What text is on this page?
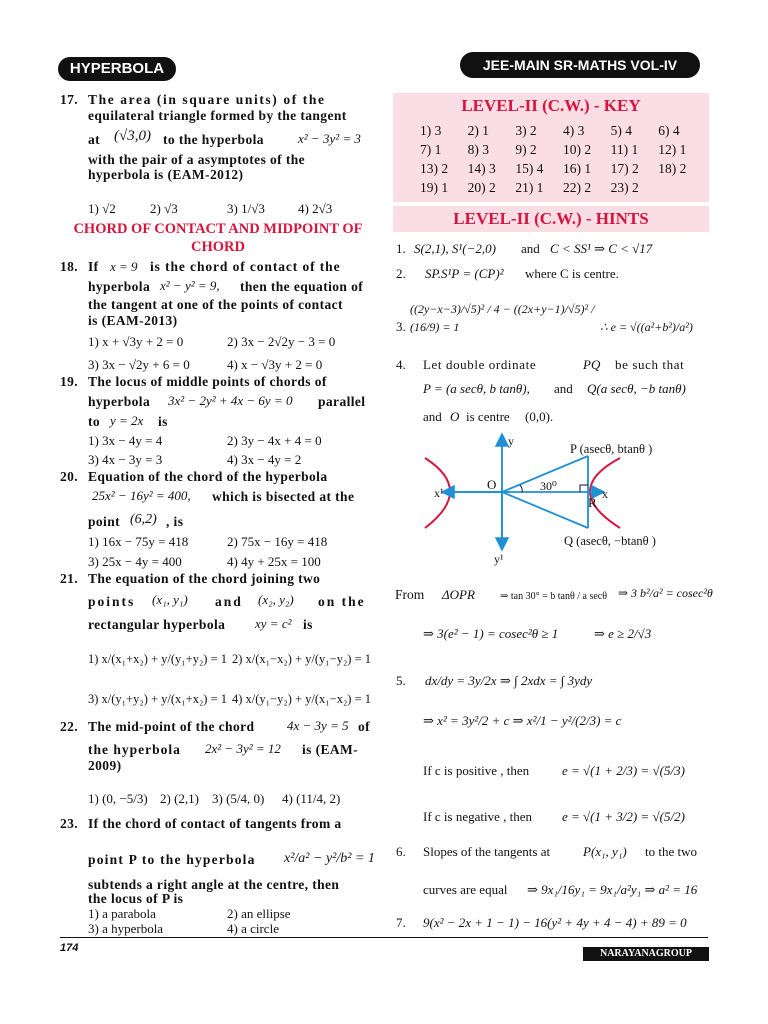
HYPERBOLA	JEE-MAIN SR-MATHS VOL-IV
17. The area (in square units) of the
equilateral triangle formed by the tangent
at (√3,0) to the hyperbola	x² − 3y² = 3
with the pair of a asymptotes of the
hyperbola is (EAM-2012)
1) √2	2) √3	3) 1/√3	4) 2√3
CHORD OF CONTACT AND MIDPOINT OF CHORD
18. If x = 9 is the chord of contact of the
hyperbola x² − y² = 9, then the equation of
the tangent at one of the points of contact
is (EAM-2013)
1) x + √3y + 2 = 0	2) 3x − 2√2y − 3 = 0
3) 3x − √2y + 6 = 0	4) x − √3y + 2 = 0
19. The locus of middle points of chords of
hyperbola 3x² − 2y² + 4x − 6y = 0 parallel
to y = 2x is
1) 3x − 4y = 4	2) 3y − 4x + 4 = 0
3) 4x − 3y = 3	4) 3x − 4y = 2
20. Equation of the chord of the hyperbola
25x² − 16y² = 400, which is bisected at the
point (6,2) , is
1) 16x − 75y = 418	2) 75x − 16y = 418
3) 25x − 4y = 400	4) 4y + 25x = 100
21. The equation of the chord joining two
points (x₁, y₁) and (x₂, y₂) on the
rectangular hyperbola xy = c² is
1) x/(x₁+x₂) + y/(y₁+y₂) = 1 2) x/(x₁−x₂) + y/(y₁−y₂) = 1
3) x/(y₁+y₂) + y/(x₁+x₂) = 1 4) x/(y₁−y₂) + y/(x₁−x₂) = 1
22. The mid-point of the chord	4x − 3y = 5 of
the hyperbola 2x² − 3y² = 12 is (EAM-
2009)
1) (0, −5/3) 2) (2,1) 3) (5/4, 0) 4) (11/4, 2)
23. If the chord of contact of tangents from a
point P to the hyperbola x²/a² − y²/b² = 1
subtends a right angle at the centre, then
the locus of P is
1) a parabola	2) an ellipse
3) a hyperbola	4) a circle
LEVEL-II (C.W.) - KEY
1) 3	2) 1	3) 2	4) 3	5) 4	6) 4
7) 1	8) 3	9) 2	10) 2	11) 1	12) 1
13) 2	14) 3	15) 4	16) 1	17) 2	18) 2
19) 1	20) 2	21) 1	22) 2	23) 2	
LEVEL-II (C.W.) - HINTS
1. S(2,1), S¹(−2,0) and C < SS¹ ⇒ C < √17
2. SP.S¹P = (CP)² where C is centre.
3.
((2y−x−3)/√5)² / 4 − ((2x+y−1)/√5)² / (16/9) = 1	∴ e = √((a²+b²)/a²)
4. Let double ordinate	PQ be such that
P = (a secθ, b tanθ), and Q(a secθ, −b tanθ)
and O is centre (0,0).
y
y¹
x
x¹
O	30⁰
R
P (asecθ, btanθ )
Q (asecθ, −btanθ )
From ΔOPR	⇒ tan 30° = b tanθ / a secθ ⇒ 3 b²/a² = cosec²θ
⇒ 3(e² − 1) = cosec²θ ≥ 1	⇒ e ≥ 2/√3
5. dx/dy = 3y/2x ⇒ ∫ 2xdx = ∫ 3ydy
⇒ x² = 3y²/2 + c ⇒ x²/1 − y²/(2/3) = c
If c is positive , then	e = √(1 + 2/3) = √(5/3)
If c is negative , then e = √(1 + 3/2) = √(5/2)
6. Slopes of the tangents at	P(x₁, y₁) to the two
curves are equal ⇒ 9x₁/16y₁ = 9x₁/a²y₁ ⇒ a² = 16
7. 9(x² − 2x + 1 − 1) − 16(y² + 4y + 4 − 4) + 89 = 0
174	NARAYANAGROUP
